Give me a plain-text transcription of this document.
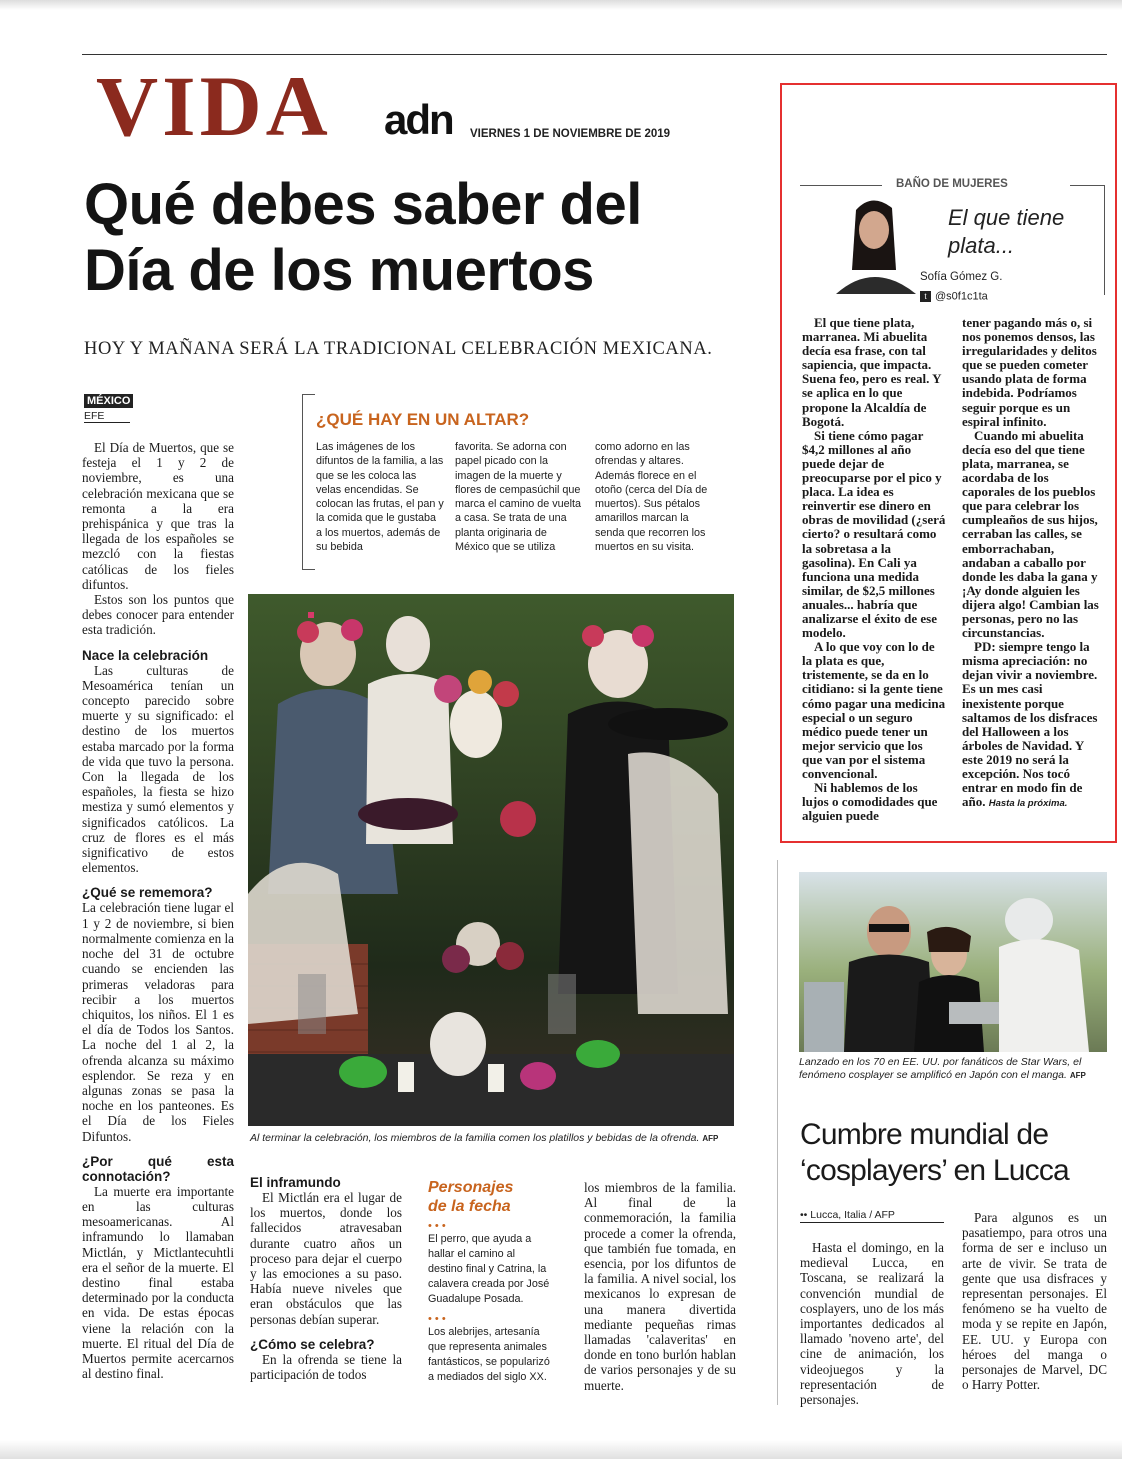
VIDA adn VIERNES 1 DE NOVIEMBRE DE 2019
Qué debes saber del
Día de los muertos
HOY Y MAÑANA SERÁ LA TRADICIONAL CELEBRACIÓN MEXICANA.
MÉXICO
EFE

El Día de Muertos, que se festeja el 1 y 2 de noviembre, es una celebración mexicana que se remonta a la era prehispánica y que tras la llegada de los españoles se mezcló con la fiestas católicas de los fieles difuntos.

Estos son los puntos que debes conocer para entender esta tradición.

Nace la celebración

Las culturas de Mesoamérica tenían un concepto parecido sobre muerte y su significado: el destino de los muertos estaba marcado por la forma de vida que tuvo la persona. Con la llegada de los españoles, la fiesta se hizo mestiza y sumó elementos y significados católicos. La cruz de flores es el más significativo de estos elementos.

¿Qué se rememora?

La celebración tiene lugar el 1 y 2 de noviembre, si bien normalmente comienza en la noche del 31 de octubre cuando se encienden las primeras veladoras para recibir a los muertos chiquitos, los niños. El 1 es el día de Todos los Santos. La noche del 1 al 2, la ofrenda alcanza su máximo esplendor. Se reza y en algunas zonas se pasa la noche en los panteones. Es el Día de los Fieles Difuntos.

¿Por qué esta connotación?

La muerte era importante en las culturas mesoamericanas. Al inframundo lo llamaban Mictlán, y Mictlantecuhtli era el señor de la muerte. El destino final estaba determinado por la conducta en vida. De estas épocas viene la relación con la muerte. El ritual del Día de Muertos permite acercarnos al destino final.

¿QUÉ HAY EN UN ALTAR?
Las imágenes de los difuntos de la familia, a las que se les coloca las velas encendidas. Se colocan las frutas, el pan y la comida que le gustaba a los muertos, además de su bebida
favorita. Se adorna con papel picado con la imagen de la muerte y flores de cempasúchil que marca el camino de vuelta a casa. Se trata de una planta originaria de México que se utiliza
como adorno en las ofrendas y altares. Además florece en el otoño (cerca del Día de muertos). Sus pétalos amarillos marcan la senda que recorren los muertos en su visita.
Al terminar la celebración, los miembros de la familia comen los platillos y bebidas de la ofrenda. AFP
El inframundo

El Mictlán era el lugar de los muertos, donde los fallecidos atravesaban durante cuatro años un proceso para dejar el cuerpo y las emociones a su paso. Había nueve niveles que eran obstáculos que las personas debían superar.

¿Cómo se celebra?

En la ofrenda se tiene la participación de todos

Personajes
de la fecha
• • •
El perro, que ayuda a hallar el camino al destino final y Catrina, la calavera creada por José Guadalupe Posada.
• • •
Los alebrijes, artesanía que representa animales fantásticos, se popularizó a mediados del siglo XX.

los miembros de la familia. Al final de la conmemoración, la familia procede a comer la ofrenda, que también fue tomada, en esencia, por los difuntos de la familia. A nivel social, los mexicanos lo expresan de una manera divertida mediante pequeñas rimas llamadas 'calaveritas' en donde en tono burlón hablan de varios personajes y de su muerte.

BAÑO DE MUJERES
El que tiene
plata...
Sofía Gómez G.
t @s0f1c1ta

El que tiene plata, marranea. Mi abuelita decía esa frase, con tal sapiencia, que impacta. Suena feo, pero es real. Y se aplica en lo que propone la Alcaldía de Bogotá.

Si tiene cómo pagar $4,2 millones al año puede dejar de preocuparse por el pico y placa. La idea es reinvertir ese dinero en obras de movilidad (¿será cierto? o resultará como la sobretasa a la gasolina). En Cali ya funciona una medida similar, de $2,5 millones anuales... habría que analizarse el éxito de ese modelo.

A lo que voy con lo de la plata es que, tristemente, se da en lo citidiano: si la gente tiene cómo pagar una medicina especial o un seguro médico puede tener un mejor servicio que los que van por el sistema convencional.

Ni hablemos de los lujos o comodidades que alguien puede

tener pagando más o, si nos ponemos densos, las irregularidades y delitos que se pueden cometer usando plata de forma indebida. Podríamos seguir porque es un espiral infinito.

Cuando mi abuelita decía eso del que tiene plata, marranea, se acordaba de los caporales de los pueblos que para celebrar los cumpleaños de sus hijos, cerraban las calles, se emborrachaban, andaban a caballo por donde les daba la gana y ¡Ay donde alguien les dijera algo! Cambian las personas, pero no las circunstancias.

PD: siempre tengo la misma apreciación: no dejan vivir a noviembre. Es un mes casi inexistente porque saltamos de los disfraces del Halloween a los árboles de Navidad. Y este 2019 no será la excepción. Nos tocó entrar en modo fin de año. Hasta la próxima.

Lanzado en los 70 en EE. UU. por fanáticos de Star Wars, el fenómeno cosplayer se amplificó en Japón con el manga. AFP
Cumbre mundial de
‘cosplayers’ en Lucca
•• Lucca, Italia / AFP

Hasta el domingo, en la medieval Lucca, en Toscana, se realizará la convención mundial de cosplayers, uno de los más importantes dedicados al llamado 'noveno arte', del cine de animación, los videojuegos y la representación de personajes.

Para algunos es un pasatiempo, para otros una forma de ser e incluso un arte de vivir. Se trata de gente que usa disfraces y representan personajes. El fenómeno se ha vuelto de moda y se repite en Japón, EE. UU. y Europa con héroes del manga o personajes de Marvel, DC o Harry Potter.
